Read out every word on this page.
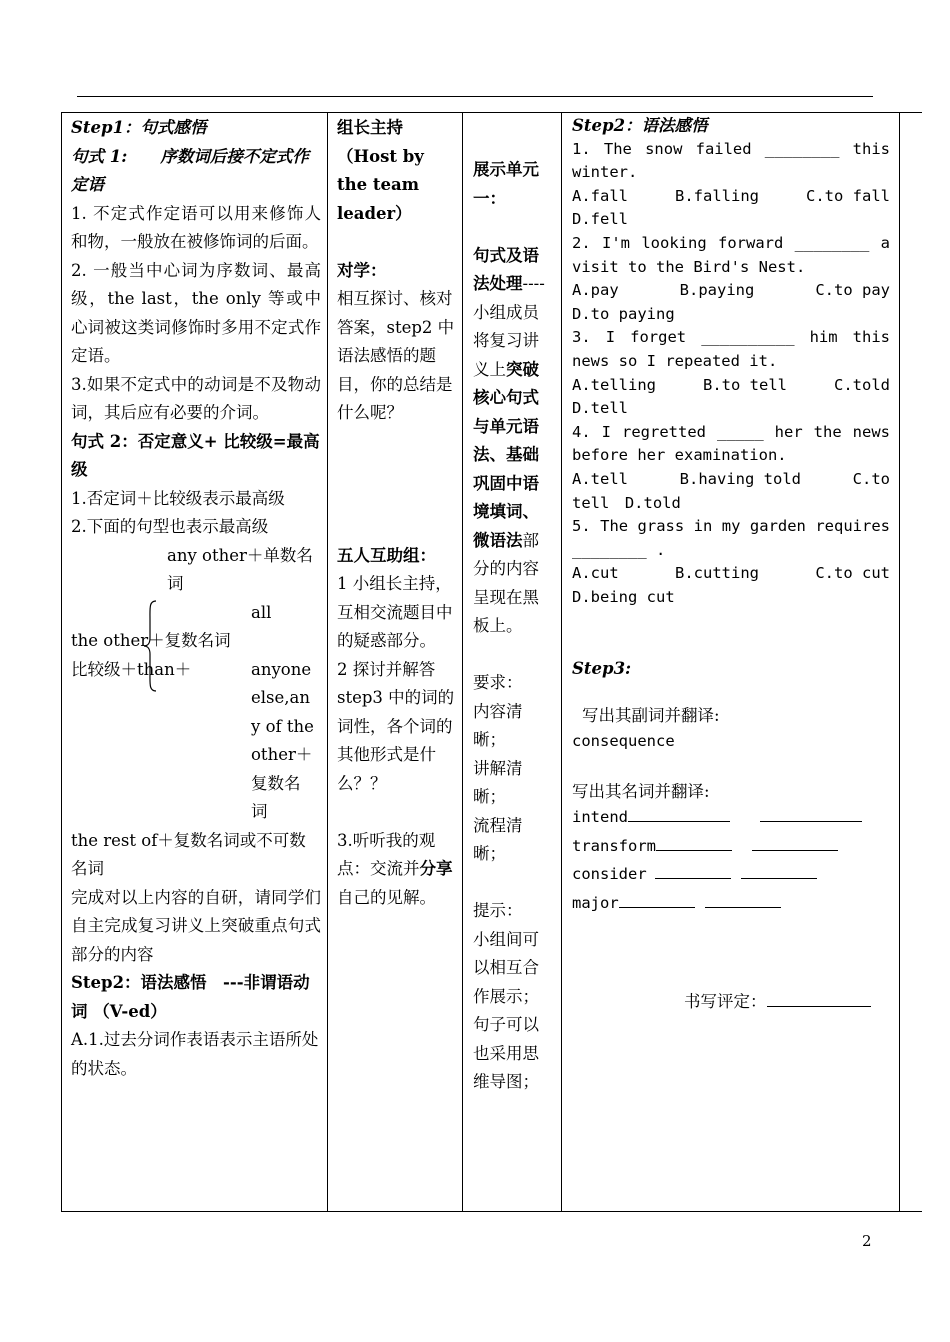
Step1：句式感悟
句式 1:　　序数词后接不定式作定语
1. 不定式作定语可以用来修饰人和物，一般放在被修饰词的后面。
2. 一般当中心词为序数词、最高级，the last，the only 等或中心词被这类词修饰时多用不定式作定语。
3.如果不定式中的动词是不及物动词，其后应有必要的介词。
句式 2：否定意义+ 比较级=最高级
1.否定词＋比较级表示最高级
2.下面的句型也表示最高级
any other＋单数名词
all
the other＋复数名词
比较级＋than＋	anyone else,any of the other＋复数名词
the rest of＋复数名词或不可数名词
完成对以上内容的自研，请同学们自主完成复习讲义上突破重点句式部分的内容
Step2：语法感悟　---非谓语动词 （V-ed）
A.1.过去分词作表语表示主语所处的状态。
组长主持（Host by the team leader）
对学：
相互探讨、核对答案，step2 中语法感悟的题目，你的总结是什么呢？
五人互助组：
1 小组长主持，互相交流题目中的疑惑部分。
2 探讨并解答 step3 中的词的词性，各个词的其他形式是什么？？
3.听听我的观点：交流并分享自己的见解。
展示单元一：
句式及语法处理----小组成员将复习讲义上突破核心句式与单元语法、基础巩固中语境填词、微语法部分的内容呈现在黑板上。
要求：
内容清晰；
讲解清晰；
流程清晰；
提示：
小组间可以相互合作展示；句子可以也采用思维导图；
Step2：语法感悟
1. The snow failed ________ this winter.
A.fall	B.falling	C.to fall
D.fell
2. I'm looking forward ________ a visit to the Bird's Nest.
A.pay	B.paying	C.to pay
D.to paying
3. I forget __________ him this news so I repeated it.
A.telling	B.to tell	C.told
D.tell
4. I regretted _____ her the news before her examination.
A.tell	B.having told	C.to
tell　D.told
5. The grass in my garden requires ________ .
A.cut	B.cutting	C.to cut
D.being cut
Step3:
写出其副词并翻译:
consequence
写出其名词并翻译:
intend
transform
consider
major
书写评定：
2
